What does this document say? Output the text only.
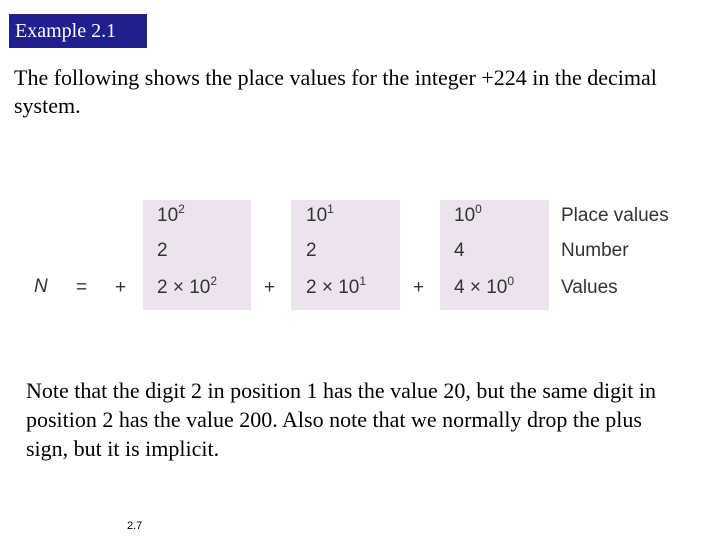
Example 2.1
The following shows the place values for the integer +224 in the decimal system.
N = +	+	+
$10^2$
2
$2 \times 10^2$
$10^1$
2
$2 \times 10^1$
$10^0$
4
$4 \times 10^0$
Place values
Number
Values
Note that the digit 2 in position 1 has the value 20, but the same digit in position 2 has the value 200. Also note that we normally drop the plus sign, but it is implicit.
2.7
